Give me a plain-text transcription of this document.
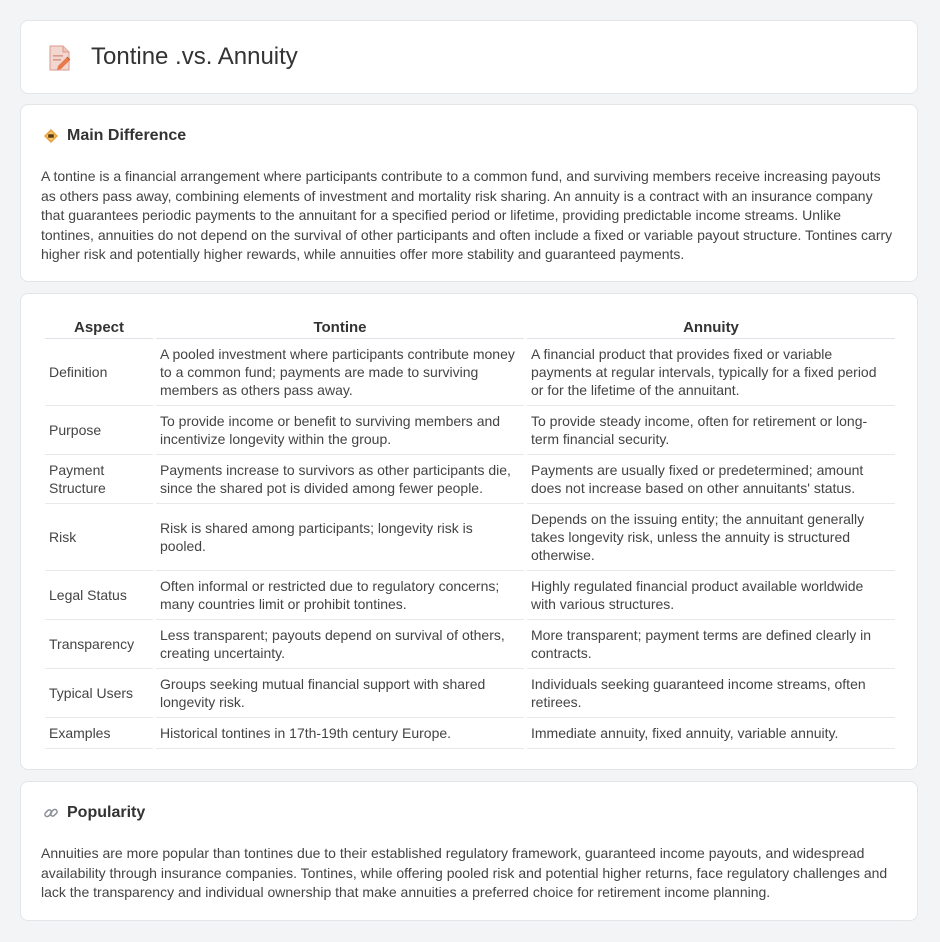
Tontine .vs. Annuity
Main Difference

A tontine is a financial arrangement where participants contribute to a common fund, and surviving members receive increasing payouts as others pass away, combining elements of investment and mortality risk sharing. An annuity is a contract with an insurance company that guarantees periodic payments to the annuitant for a specified period or lifetime, providing predictable income streams. Unlike tontines, annuities do not depend on the survival of other participants and often include a fixed or variable payout structure. Tontines carry higher risk and potentially higher rewards, while annuities offer more stability and guaranteed payments.

Aspect	Tontine	Annuity
Definition	A pooled investment where participants contribute money to a common fund; payments are made to surviving members as others pass away.	A financial product that provides fixed or variable payments at regular intervals, typically for a fixed period or for the lifetime of the annuitant.
Purpose	To provide income or benefit to surviving members and incentivize longevity within the group.	To provide steady income, often for retirement or long-term financial security.
Payment Structure	Payments increase to survivors as other participants die, since the shared pot is divided among fewer people.	Payments are usually fixed or predetermined; amount does not increase based on other annuitants' status.
Risk	Risk is shared among participants; longevity risk is pooled.	Depends on the issuing entity; the annuitant generally takes longevity risk, unless the annuity is structured otherwise.
Legal Status	Often informal or restricted due to regulatory concerns; many countries limit or prohibit tontines.	Highly regulated financial product available worldwide with various structures.
Transparency	Less transparent; payouts depend on survival of others, creating uncertainty.	More transparent; payment terms are defined clearly in contracts.
Typical Users	Groups seeking mutual financial support with shared longevity risk.	Individuals seeking guaranteed income streams, often retirees.
Examples	Historical tontines in 17th-19th century Europe.	Immediate annuity, fixed annuity, variable annuity.
Popularity

Annuities are more popular than tontines due to their established regulatory framework, guaranteed income payouts, and widespread availability through insurance companies. Tontines, while offering pooled risk and potential higher returns, face regulatory challenges and lack the transparency and individual ownership that make annuities a preferred choice for retirement income planning.
